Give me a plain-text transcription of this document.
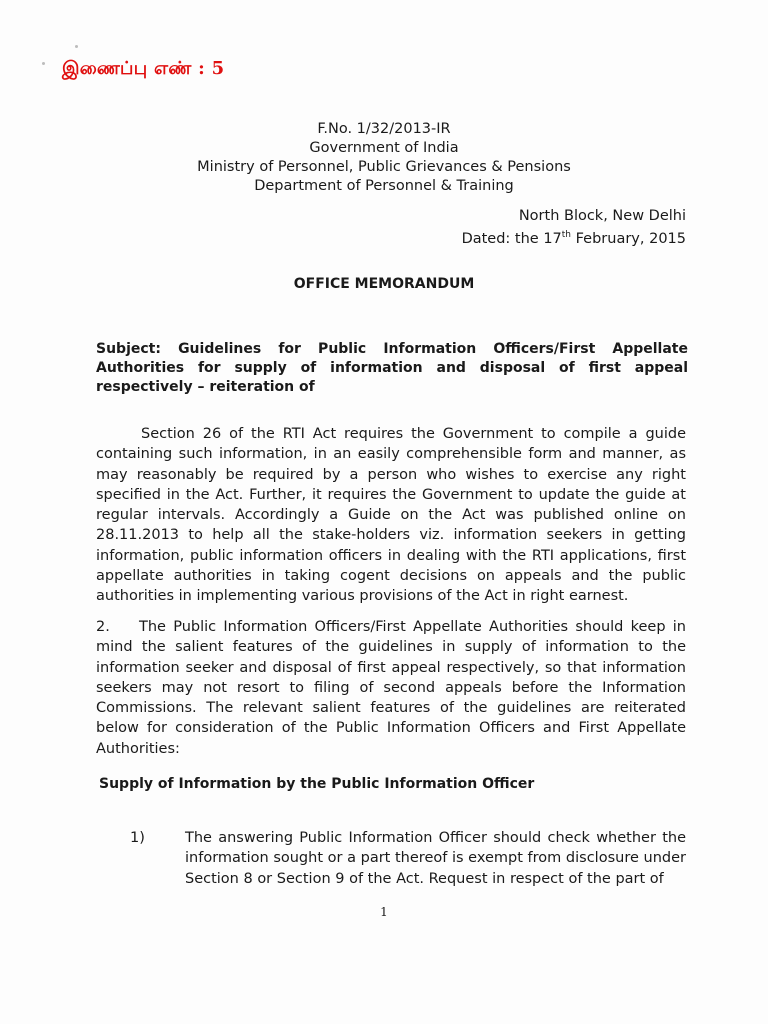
இணைப்பு எண் : 5
F.No. 1/32/2013-IR
Government of India
Ministry of Personnel, Public Grievances & Pensions
Department of Personnel & Training
North Block, New Delhi
Dated: the 17th February, 2015
OFFICE MEMORANDUM
Subject: Guidelines for Public Information Officers/First Appellate Authorities for supply of information and disposal of first appeal respectively – reiteration of
Section 26 of the RTI Act requires the Government to compile a guide containing such information, in an easily comprehensible form and manner, as may reasonably be required by a person who wishes to exercise any right specified in the Act. Further, it requires the Government to update the guide at regular intervals. Accordingly a Guide on the Act was published online on 28.11.2013 to help all the stake-holders viz. information seekers in getting information, public information officers in dealing with the RTI applications, first appellate authorities in taking cogent decisions on appeals and the public authorities in implementing various provisions of the Act in right earnest.
2. The Public Information Officers/First Appellate Authorities should keep in mind the salient features of the guidelines in supply of information to the information seeker and disposal of first appeal respectively, so that information seekers may not resort to filing of second appeals before the Information Commissions. The relevant salient features of the guidelines are reiterated below for consideration of the Public Information Officers and First Appellate Authorities:
Supply of Information by the Public Information Officer
1)	The answering Public Information Officer should check whether the information sought or a part thereof is exempt from disclosure under Section 8 or Section 9 of the Act. Request in respect of the part of
1
